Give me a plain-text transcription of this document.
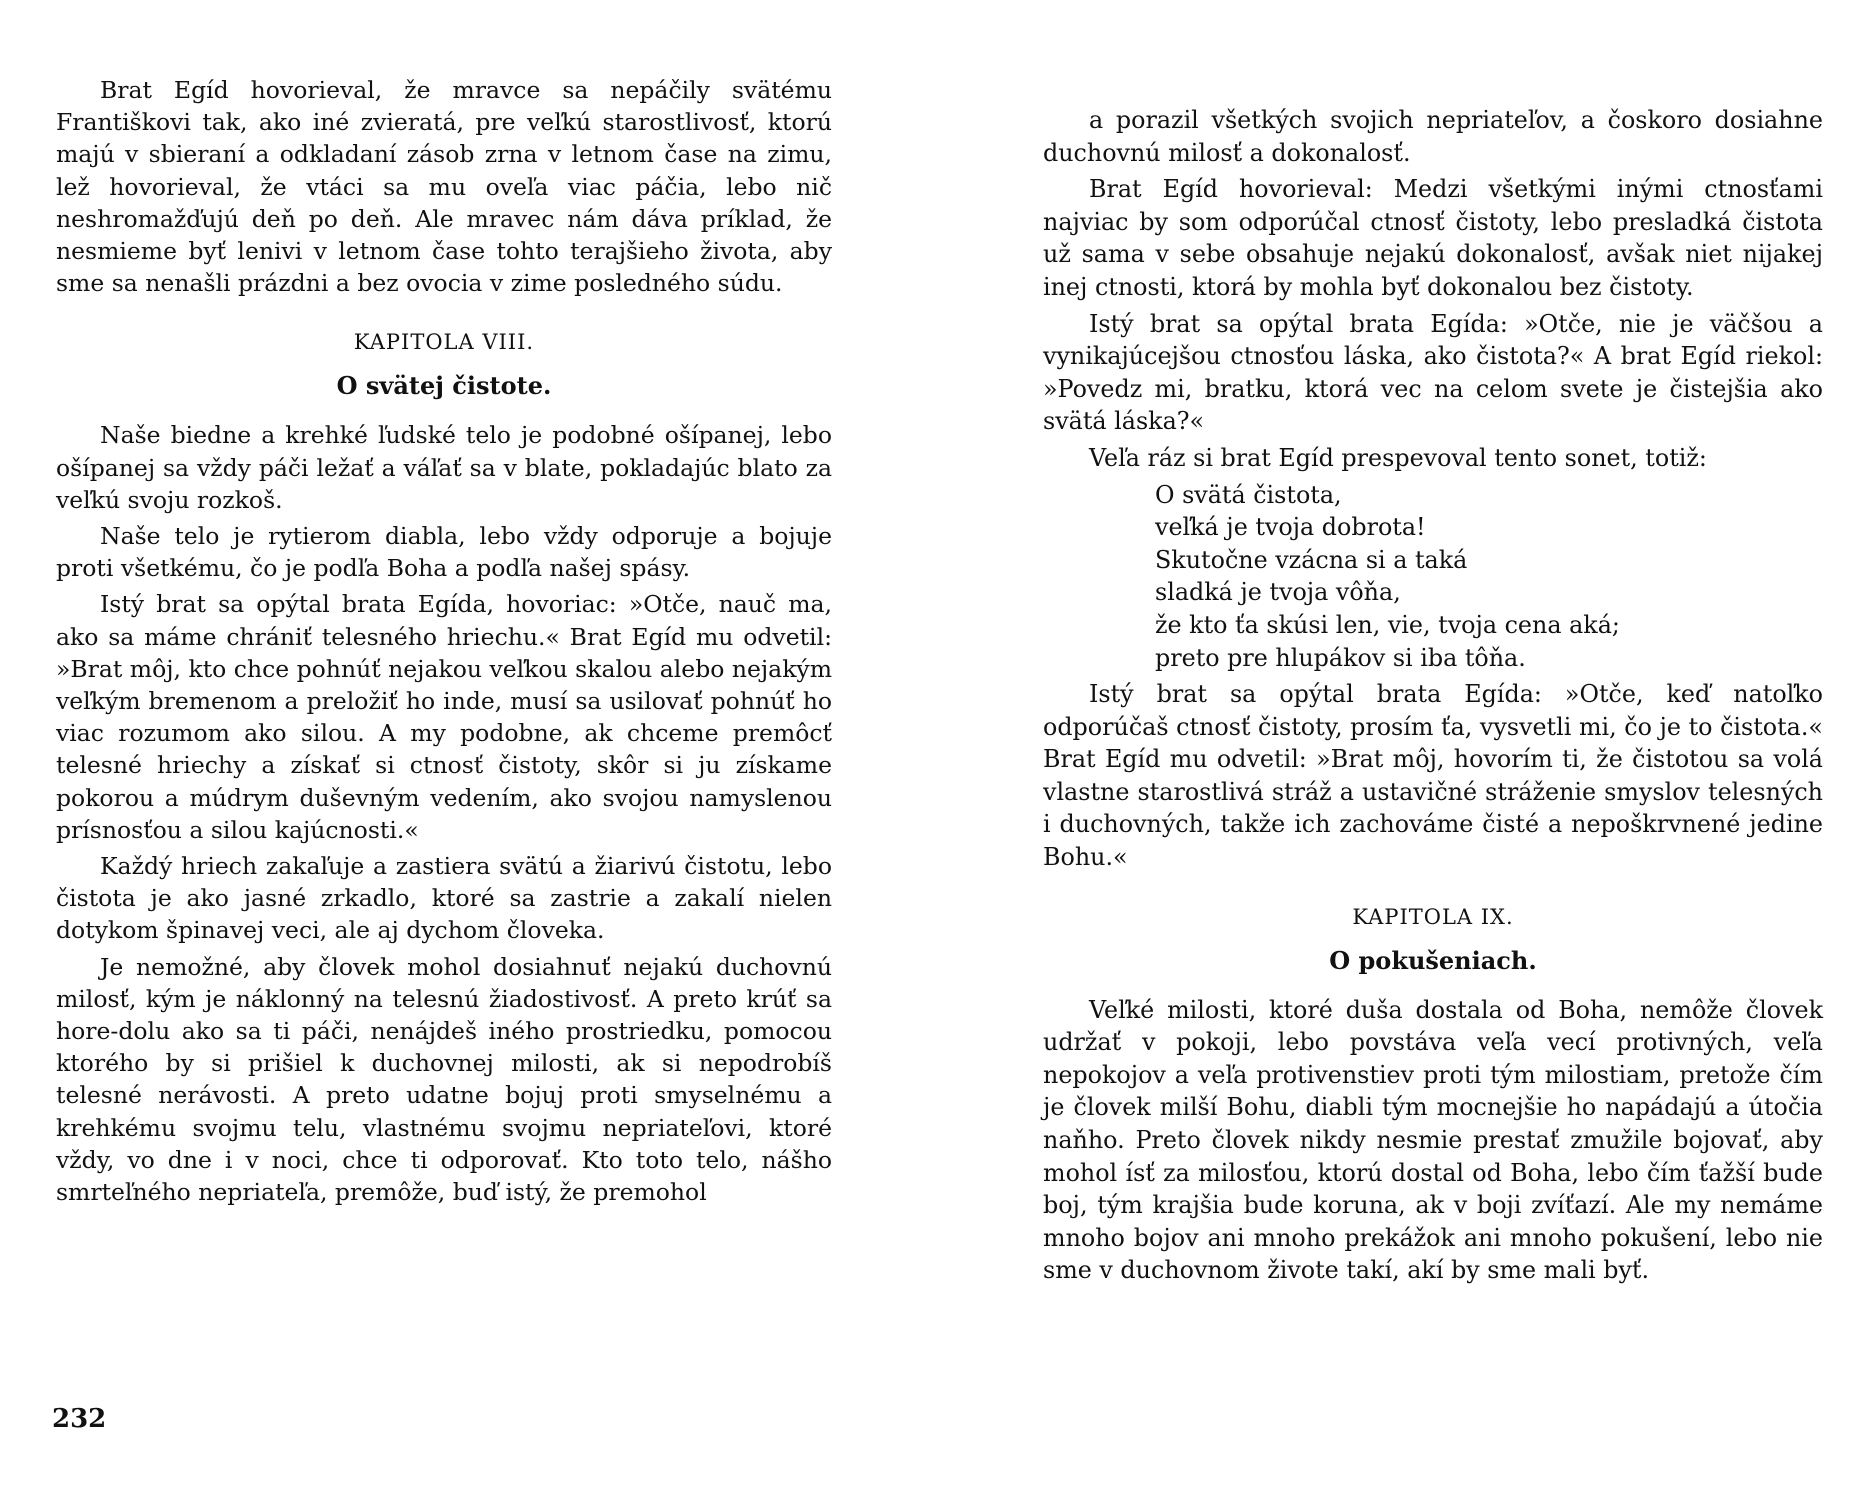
Brat Egíd hovorieval, že mravce sa nepáčily svätému Františkovi tak, ako iné zvieratá, pre veľkú starostlivosť, ktorú majú v sbieraní a odkladaní zásob zrna v letnom čase na zimu, lež hovorieval, že vtáci sa mu oveľa viac páčia, lebo nič neshromažďujú deň po deň. Ale mravec nám dáva príklad, že nesmieme byť lenivi v letnom čase tohto terajšieho života, aby sme sa nenašli prázdni a bez ovocia v zime posledného súdu.

KAPITOLA VIII.
O svätej čistote.

Naše biedne a krehké ľudské telo je podobné ošípanej, lebo ošípanej sa vždy páči ležať a váľať sa v blate, pokladajúc blato za veľkú svoju rozkoš.

Naše telo je rytierom diabla, lebo vždy odporuje a bojuje proti všetkému, čo je podľa Boha a podľa našej spásy.

Istý brat sa opýtal brata Egída, hovoriac: »Otče, nauč ma, ako sa máme chrániť telesného hriechu.« Brat Egíd mu odvetil: »Brat môj, kto chce pohnúť nejakou veľkou skalou alebo nejakým veľkým bremenom a preložiť ho inde, musí sa usilovať pohnúť ho viac rozumom ako silou. A my podobne, ak chceme premôcť telesné hriechy a získať si ctnosť čistoty, skôr si ju získame pokorou a múdrym duševným vedením, ako svojou namyslenou prísnosťou a silou kajúcnosti.«

Každý hriech zakaľuje a zastiera svätú a žiarivú čistotu, lebo čistota je ako jasné zrkadlo, ktoré sa zastrie a zakalí nielen dotykom špinavej veci, ale aj dychom človeka.

Je nemožné, aby človek mohol dosiahnuť nejakú duchovnú milosť, kým je náklonný na telesnú žiadostivosť. A preto krúť sa hore-dolu ako sa ti páči, nenájdeš iného prostriedku, pomocou ktorého by si prišiel k duchovnej milosti, ak si nepodrobíš telesné nerávosti. A preto udatne bojuj proti smyselnému a krehkému svojmu telu, vlastnému svojmu nepriateľovi, ktoré vždy, vo dne i v noci, chce ti odporovať. Kto toto telo, nášho smrteľného nepriateľa, premôže, buď istý, že premohol

232

a porazil všetkých svojich nepriateľov, a čoskoro dosiahne duchovnú milosť a dokonalosť.

Brat Egíd hovorieval: Medzi všetkými inými ctnosťami najviac by som odporúčal ctnosť čistoty, lebo presladká čistota už sama v sebe obsahuje nejakú dokonalosť, avšak niet nijakej inej ctnosti, ktorá by mohla byť dokonalou bez čistoty.

Istý brat sa opýtal brata Egída: »Otče, nie je väčšou a vynikajúcejšou ctnosťou láska, ako čistota?« A brat Egíd riekol: »Povedz mi, bratku, ktorá vec na celom svete je čistejšia ako svätá láska?«

Veľa ráz si brat Egíd prespevoval tento sonet, totiž:

O svätá čistota,
veľká je tvoja dobrota!
Skutočne vzácna si a taká
sladká je tvoja vôňa,
že kto ťa skúsi len, vie, tvoja cena aká;
preto pre hlupákov si iba tôňa.

Istý brat sa opýtal brata Egída: »Otče, keď natoľko odporúčaš ctnosť čistoty, prosím ťa, vysvetli mi, čo je to čistota.« Brat Egíd mu odvetil: »Brat môj, hovorím ti, že čistotou sa volá vlastne starostlivá stráž a ustavičné stráženie smyslov telesných i duchovných, takže ich zachováme čisté a nepoškrvnené jedine Bohu.«

KAPITOLA IX.
O pokušeniach.

Veľké milosti, ktoré duša dostala od Boha, nemôže človek udržať v pokoji, lebo povstáva veľa vecí protivných, veľa nepokojov a veľa protivenstiev proti tým milostiam, pretože čím je človek milší Bohu, diabli tým mocnejšie ho napádajú a útočia naňho. Preto človek nikdy nesmie prestať zmužile bojovať, aby mohol ísť za milosťou, ktorú dostal od Boha, lebo čím ťažší bude boj, tým krajšia bude koruna, ak v boji zvíťazí. Ale my nemáme mnoho bojov ani mnoho prekážok ani mnoho pokušení, lebo nie sme v duchovnom živote takí, akí by sme mali byť.
